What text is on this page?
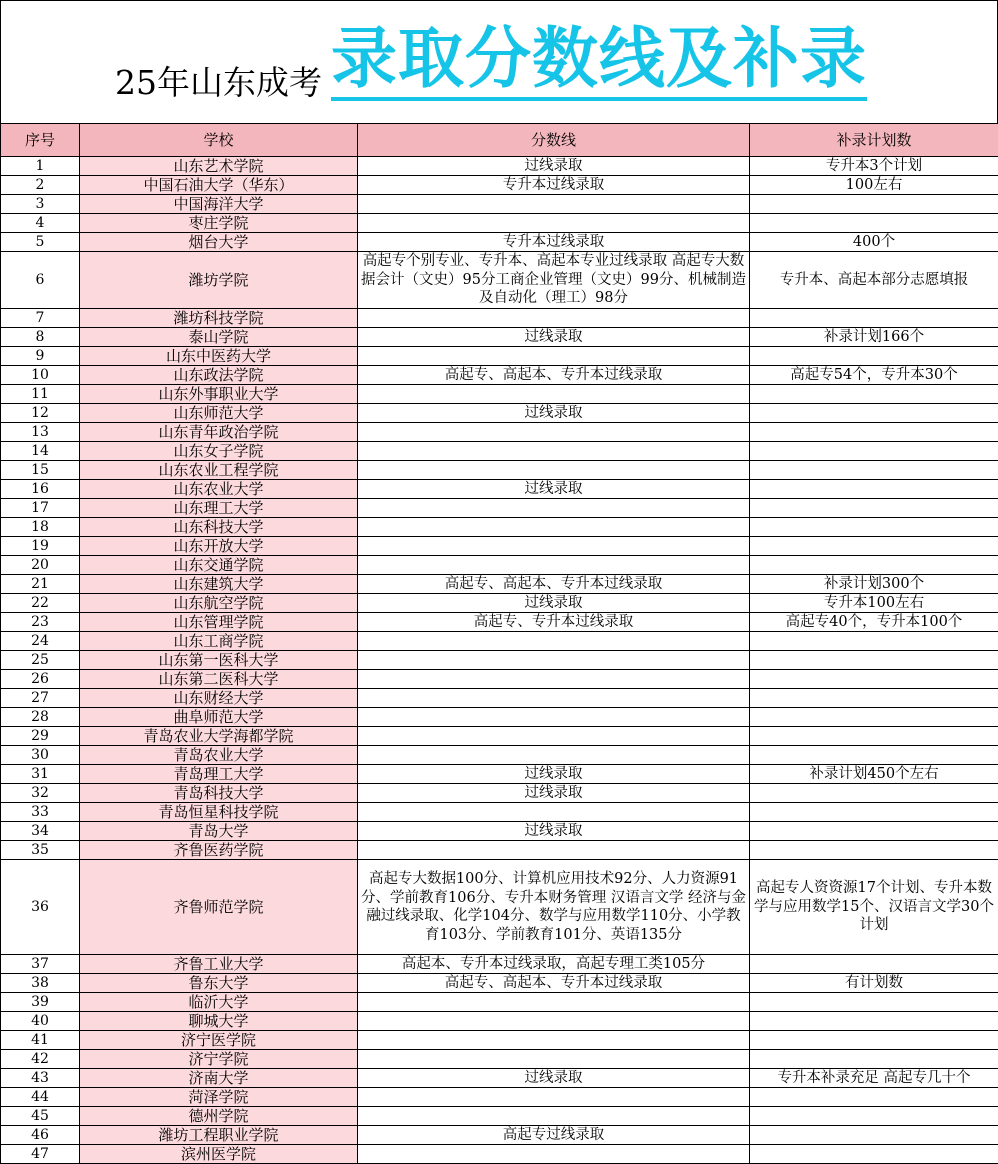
25年山东成考 录取分数线及补录
序号	学校	分数线	补录计划数
1	山东艺术学院	过线录取	专升本3个计划
2	中国石油大学（华东）	专升本过线录取	100左右
3	中国海洋大学		
4	枣庄学院		
5	烟台大学	专升本过线录取	400个
6	潍坊学院	高起专个别专业、专升本、高起本专业过线录取 高起专大数据会计（文史）95分工商企业管理（文史）99分、机械制造及自动化（理工）98分	专升本、高起本部分志愿填报
7	潍坊科技学院		
8	泰山学院	过线录取	补录计划166个
9	山东中医药大学		
10	山东政法学院	高起专、高起本、专升本过线录取	高起专54个，专升本30个
11	山东外事职业大学		
12	山东师范大学	过线录取	
13	山东青年政治学院		
14	山东女子学院		
15	山东农业工程学院		
16	山东农业大学	过线录取	
17	山东理工大学		
18	山东科技大学		
19	山东开放大学		
20	山东交通学院		
21	山东建筑大学	高起专、高起本、专升本过线录取	补录计划300个
22	山东航空学院	过线录取	专升本100左右
23	山东管理学院	高起专、专升本过线录取	高起专40个，专升本100个
24	山东工商学院		
25	山东第一医科大学		
26	山东第二医科大学		
27	山东财经大学		
28	曲阜师范大学		
29	青岛农业大学海都学院		
30	青岛农业大学		
31	青岛理工大学	过线录取	补录计划450个左右
32	青岛科技大学	过线录取	
33	青岛恒星科技学院		
34	青岛大学	过线录取	
35	齐鲁医药学院		
36	齐鲁师范学院	高起专大数据100分、计算机应用技术92分、人力资源91分、学前教育106分、专升本财务管理 汉语言文学 经济与金融过线录取、化学104分、数学与应用数学110分、小学教育103分、学前教育101分、英语135分	高起专人资资源17个计划、专升本数学与应用数学15个、汉语言文学30个计划
37	齐鲁工业大学	高起本、专升本过线录取，高起专理工类105分	
38	鲁东大学	高起专、高起本、专升本过线录取	有计划数
39	临沂大学		
40	聊城大学		
41	济宁医学院		
42	济宁学院		
43	济南大学	过线录取	专升本补录充足 高起专几十个
44	菏泽学院		
45	德州学院		
46	潍坊工程职业学院	高起专过线录取	
47	滨州医学院		
